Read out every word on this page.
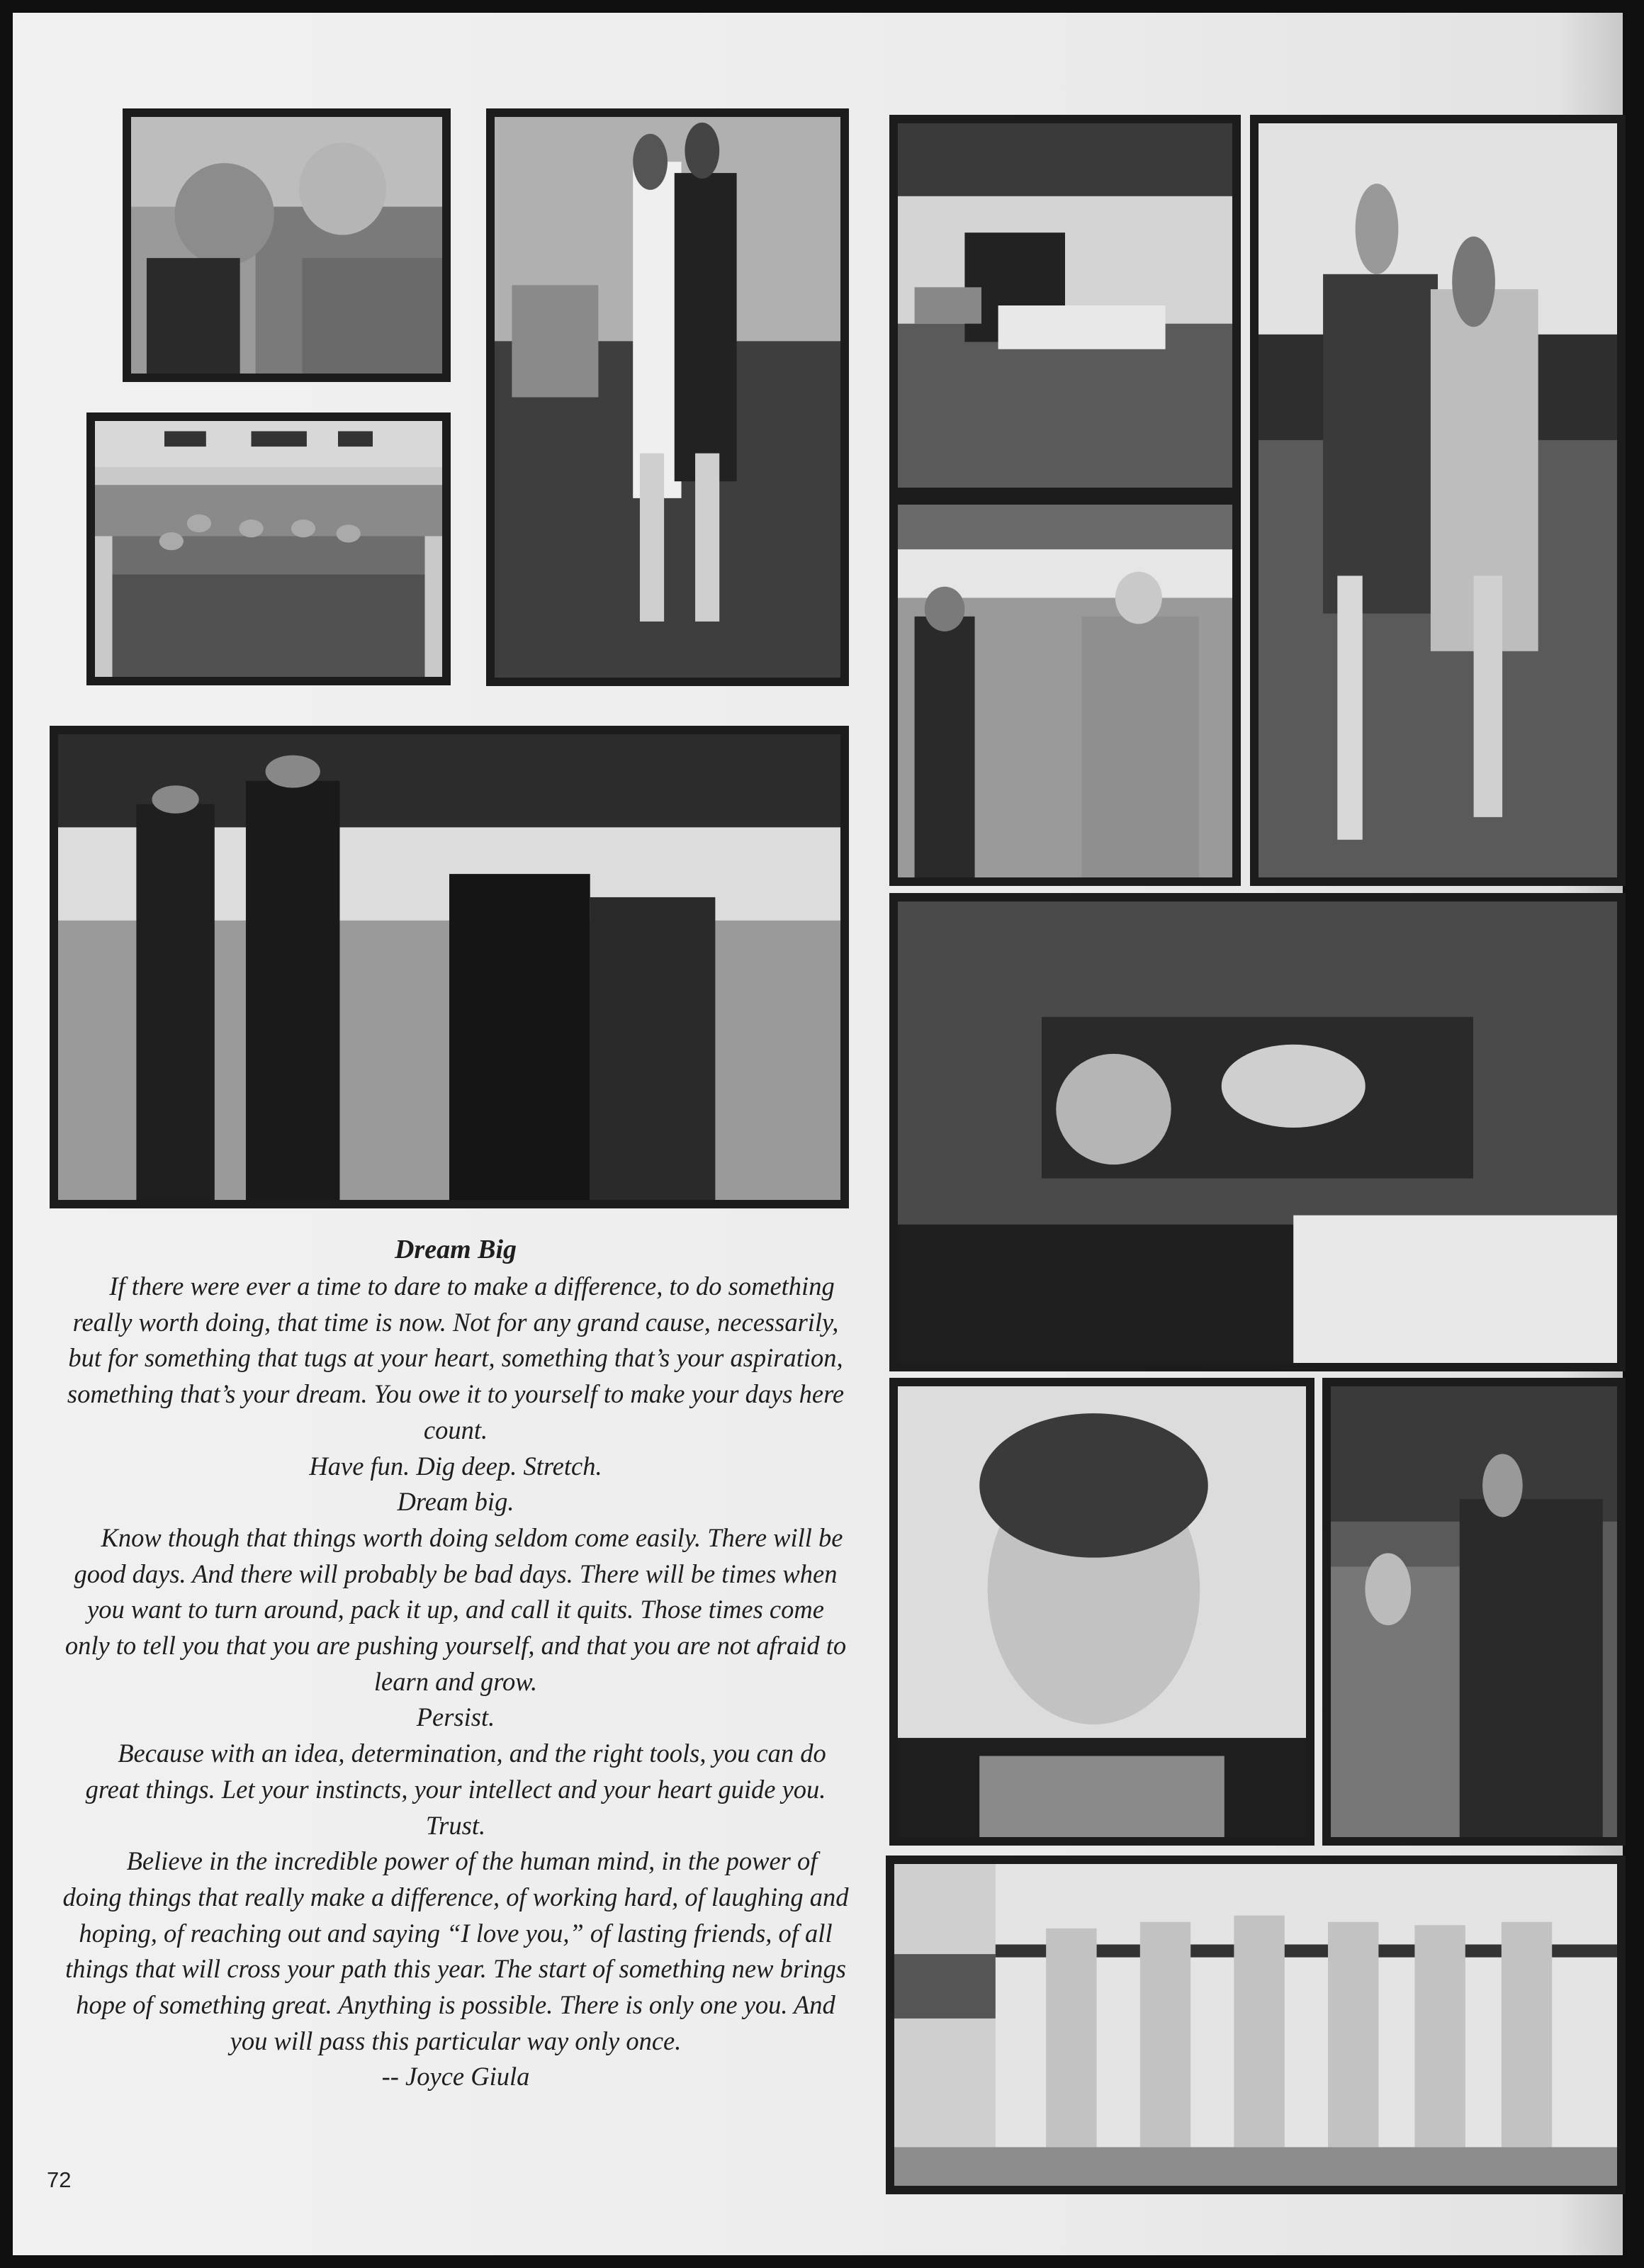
Dream Big

If there were ever a time to dare to make a difference, to do something really worth doing, that time is now. Not for any grand cause, necessarily, but for something that tugs at your heart, something that’s your aspiration, something that’s your dream. You owe it to yourself to make your days here count.

Have fun. Dig deep. Stretch.

Dream big.

Know though that things worth doing seldom come easily. There will be good days. And there will probably be bad days. There will be times when you want to turn around, pack it up, and call it quits. Those times come only to tell you that you are pushing yourself, and that you are not afraid to learn and grow.

Persist.

Because with an idea, determination, and the right tools, you can do great things. Let your instincts, your intellect and your heart guide you.

Trust.

Believe in the incredible power of the human mind, in the power of doing things that really make a difference, of working hard, of laughing and hoping, of reaching out and saying “I love you,” of lasting friends, of all things that will cross your path this year. The start of something new brings hope of something great. Anything is possible. There is only one you. And you will pass this particular way only once.

-- Joyce Giula

72
